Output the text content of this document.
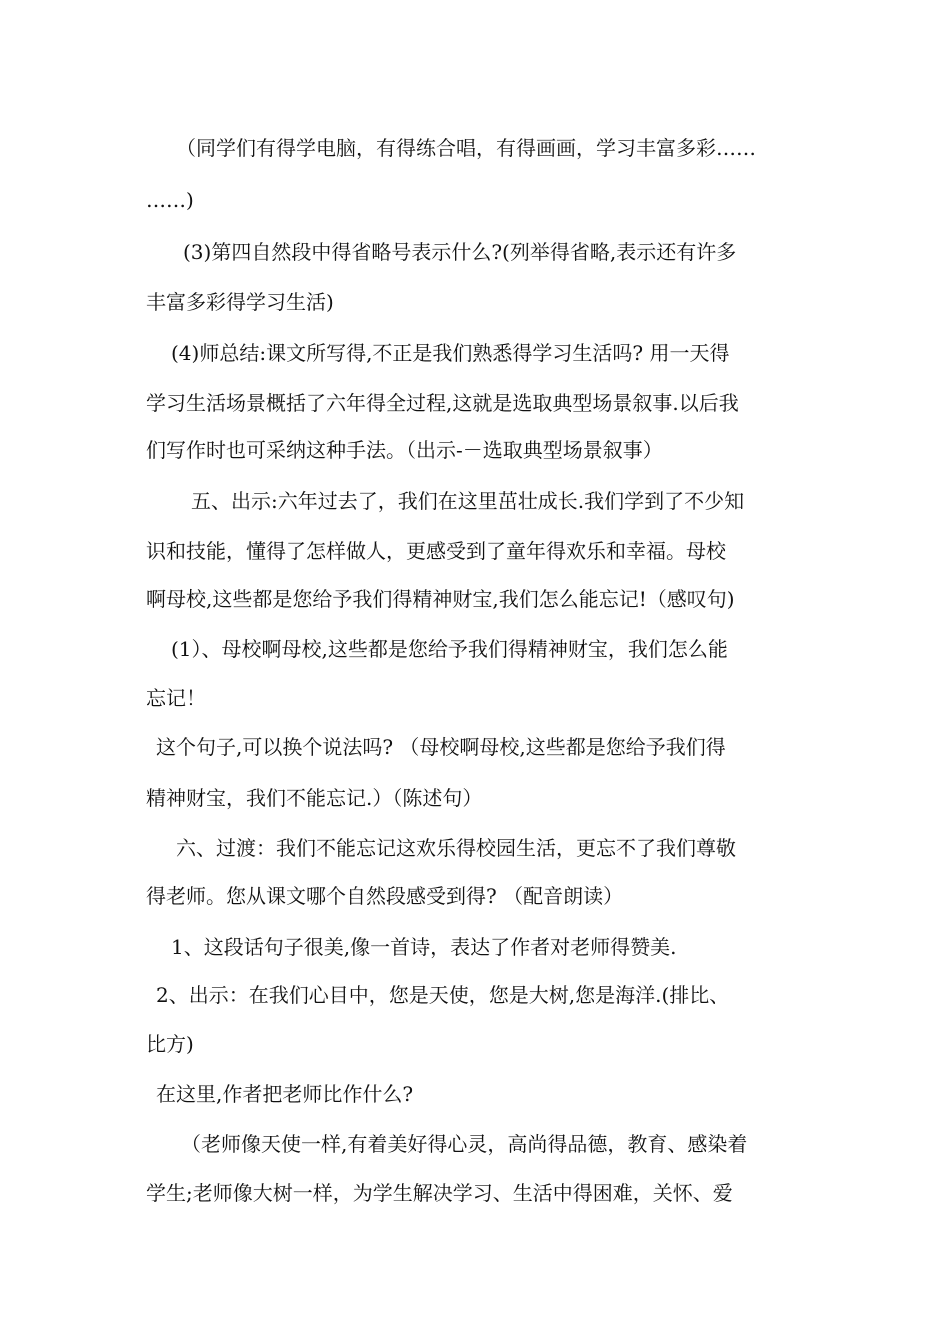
（同学们有得学电脑，有得练合唱，有得画画，学习丰富多彩……
……)
(3)第四自然段中得省略号表示什么?(列举得省略,表示还有许多
丰富多彩得学习生活)
(4)师总结:课文所写得,不正是我们熟悉得学习生活吗? 用一天得
学习生活场景概括了六年得全过程,这就是选取典型场景叙事.以后我
们写作时也可采纳这种手法。（出示-－选取典型场景叙事）
五、出示:六年过去了，我们在这里茁壮成长.我们学到了不少知
识和技能，懂得了怎样做人，更感受到了童年得欢乐和幸福。母校
啊母校,这些都是您给予我们得精神财宝,我们怎么能忘记!（感叹句)
(1）、母校啊母校,这些都是您给予我们得精神财宝，我们怎么能
忘记！
这个句子,可以换个说法吗? （母校啊母校,这些都是您给予我们得
精神财宝，我们不能忘记.）（陈述句）
六、过渡：我们不能忘记这欢乐得校园生活，更忘不了我们尊敬
得老师。您从课文哪个自然段感受到得? （配音朗读）
1、这段话句子很美,像一首诗，表达了作者对老师得赞美.
2、出示：在我们心目中，您是天使，您是大树,您是海洋.(排比、
比方)
在这里,作者把老师比作什么?
（老师像天使一样,有着美好得心灵，高尚得品德，教育、感染着
学生;老师像大树一样，为学生解决学习、生活中得困难，关怀、爱
